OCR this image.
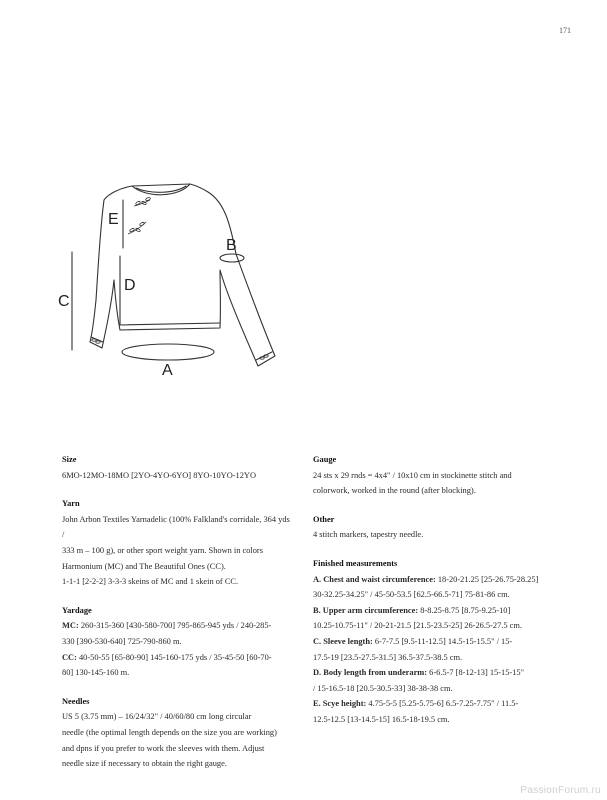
171
A
B
C
D
E
Size

6MO-12MO-18MO [2YO-4YO-6YO] 8YO-10YO-12YO

Yarn

John Arbon Textiles Yarnadelic (100% Falkland's corridale, 364 yds /

333 m – 100 g), or other sport weight yarn. Shown in colors

Harmonium (MC) and The Beautiful Ones (CC).

1-1-1 [2-2-2] 3-3-3 skeins of MC and 1 skein of CC.

Yardage

MC: 260-315-360 [430-580-700] 795-865-945 yds / 240-285-

330 [390-530-640] 725-790-860 m.

CC: 40-50-55 [65-80-90] 145-160-175 yds / 35-45-50 [60-70-

80] 130-145-160 m.

Needles

US 5 (3.75 mm) – 16/24/32" / 40/60/80 cm long circular

needle (the optimal length depends on the size you are working)

and dpns if you prefer to work the sleeves with them. Adjust

needle size if necessary to obtain the right gauge.

Gauge

24 sts x 29 rnds = 4x4" / 10x10 cm in stockinette stitch and

colorwork, worked in the round (after blocking).

Other

4 stitch markers, tapestry needle.

Finished measurements

A. Chest and waist circumference: 18-20-21.25 [25-26.75-28.25]

30-32.25-34.25" / 45-50-53.5 [62.5-66.5-71] 75-81-86 cm.

B. Upper arm circumference: 8-8.25-8.75 [8.75-9.25-10]

10.25-10.75-11" / 20-21-21.5 [21.5-23.5-25] 26-26.5-27.5 cm.

C. Sleeve length: 6-7-7.5 [9.5-11-12.5] 14.5-15-15.5" / 15-

17.5-19 [23.5-27.5-31.5] 36.5-37.5-38.5 cm.

D. Body length from underarm: 6-6.5-7 [8-12-13] 15-15-15"

/ 15-16.5-18 [20.5-30.5-33] 38-38-38 cm.

E. Scye height: 4.75-5-5 [5.25-5.75-6] 6.5-7.25-7.75" / 11.5-

12.5-12.5 [13-14.5-15] 16.5-18-19.5 cm.

PassionForum.ru
